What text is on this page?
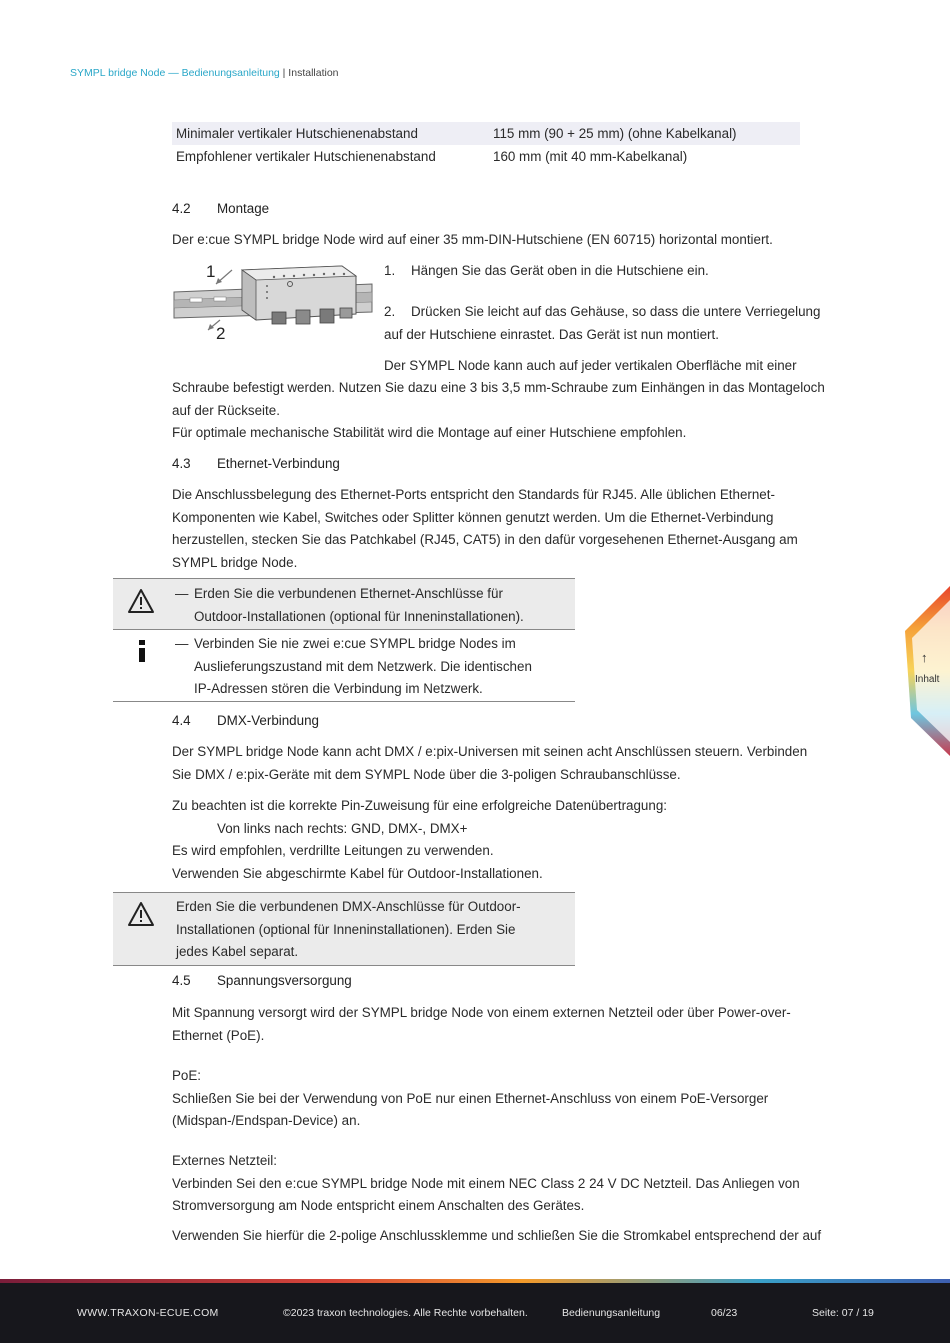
SYMPL bridge Node — Bedienungsanleitung | Installation
Minimaler vertikaler Hutschienenabstand	115 mm (90 + 25 mm) (ohne Kabelkanal)
Empfohlener vertikaler Hutschienenabstand	160 mm (mit 40 mm-Kabelkanal)
4.2 Montage
Der e:cue SYMPL bridge Node wird auf einer 35 mm-DIN-Hutschiene (EN 60715) horizontal montiert.
1
2
1. Hängen Sie das Gerät oben in die Hutschiene ein.

2. Drücken Sie leicht auf das Gehäuse, so dass die untere Verriegelung

auf der Hutschiene einrastet. Das Gerät ist nun montiert.

Der SYMPL Node kann auch auf jeder vertikalen Oberfläche mit einer

Schraube befestigt werden. Nutzen Sie dazu eine 3 bis 3,5 mm-Schraube zum Einhängen in das Montageloch

auf der Rückseite.

Für optimale mechanische Stabilität wird die Montage auf einer Hutschiene empfohlen.

4.3 Ethernet-Verbindung

Die Anschlussbelegung des Ethernet-Ports entspricht den Standards für RJ45. Alle üblichen Ethernet-

Komponenten wie Kabel, Switches oder Splitter können genutzt werden. Um die Ethernet-Verbindung

herzustellen, stecken Sie das Patchkabel (RJ45, CAT5) in den dafür vorgesehenen Ethernet-Ausgang am

SYMPL bridge Node.

— Erden Sie die verbundenen Ethernet-Anschlüsse für
Outdoor-Installationen (optional für Inneninstallationen).
— Verbinden Sie nie zwei e:cue SYMPL bridge Nodes im
Auslieferungszustand mit dem Netzwerk. Die identischen
IP-Adressen stören die Verbindung im Netzwerk.
4.4 DMX-Verbindung

Der SYMPL bridge Node kann acht DMX / e:pix-Universen mit seinen acht Anschlüssen steuern. Verbinden

Sie DMX / e:pix-Geräte mit dem SYMPL Node über die 3-poligen Schraubanschlüsse.

Zu beachten ist die korrekte Pin-Zuweisung für eine erfolgreiche Datenübertragung:

Von links nach rechts: GND, DMX-, DMX+

Es wird empfohlen, verdrillte Leitungen zu verwenden.

Verwenden Sie abgeschirmte Kabel für Outdoor-Installationen.

Erden Sie die verbundenen DMX-Anschlüsse für Outdoor-
Installationen (optional für Inneninstallationen). Erden Sie
jedes Kabel separat.
4.5 Spannungsversorgung

Mit Spannung versorgt wird der SYMPL bridge Node von einem externen Netzteil oder über Power-over-

Ethernet (PoE).

PoE:

Schließen Sie bei der Verwendung von PoE nur einen Ethernet-Anschluss von einem PoE-Versorger

(Midspan-/Endspan-Device) an.

Externes Netzteil:

Verbinden Sei den e:cue SYMPL bridge Node mit einem NEC Class 2 24 V DC Netzteil. Das Anliegen von

Stromversorgung am Node entspricht einem Anschalten des Gerätes.

Verwenden Sie hierfür die 2-polige Anschlussklemme und schließen Sie die Stromkabel entsprechend der auf
↑
Inhalt
WWW.TRAXON-ECUE.COM	©2023 traxon technologies. Alle Rechte vorbehalten.	Bedienungsanleitung	06/23	Seite: 07 / 19
